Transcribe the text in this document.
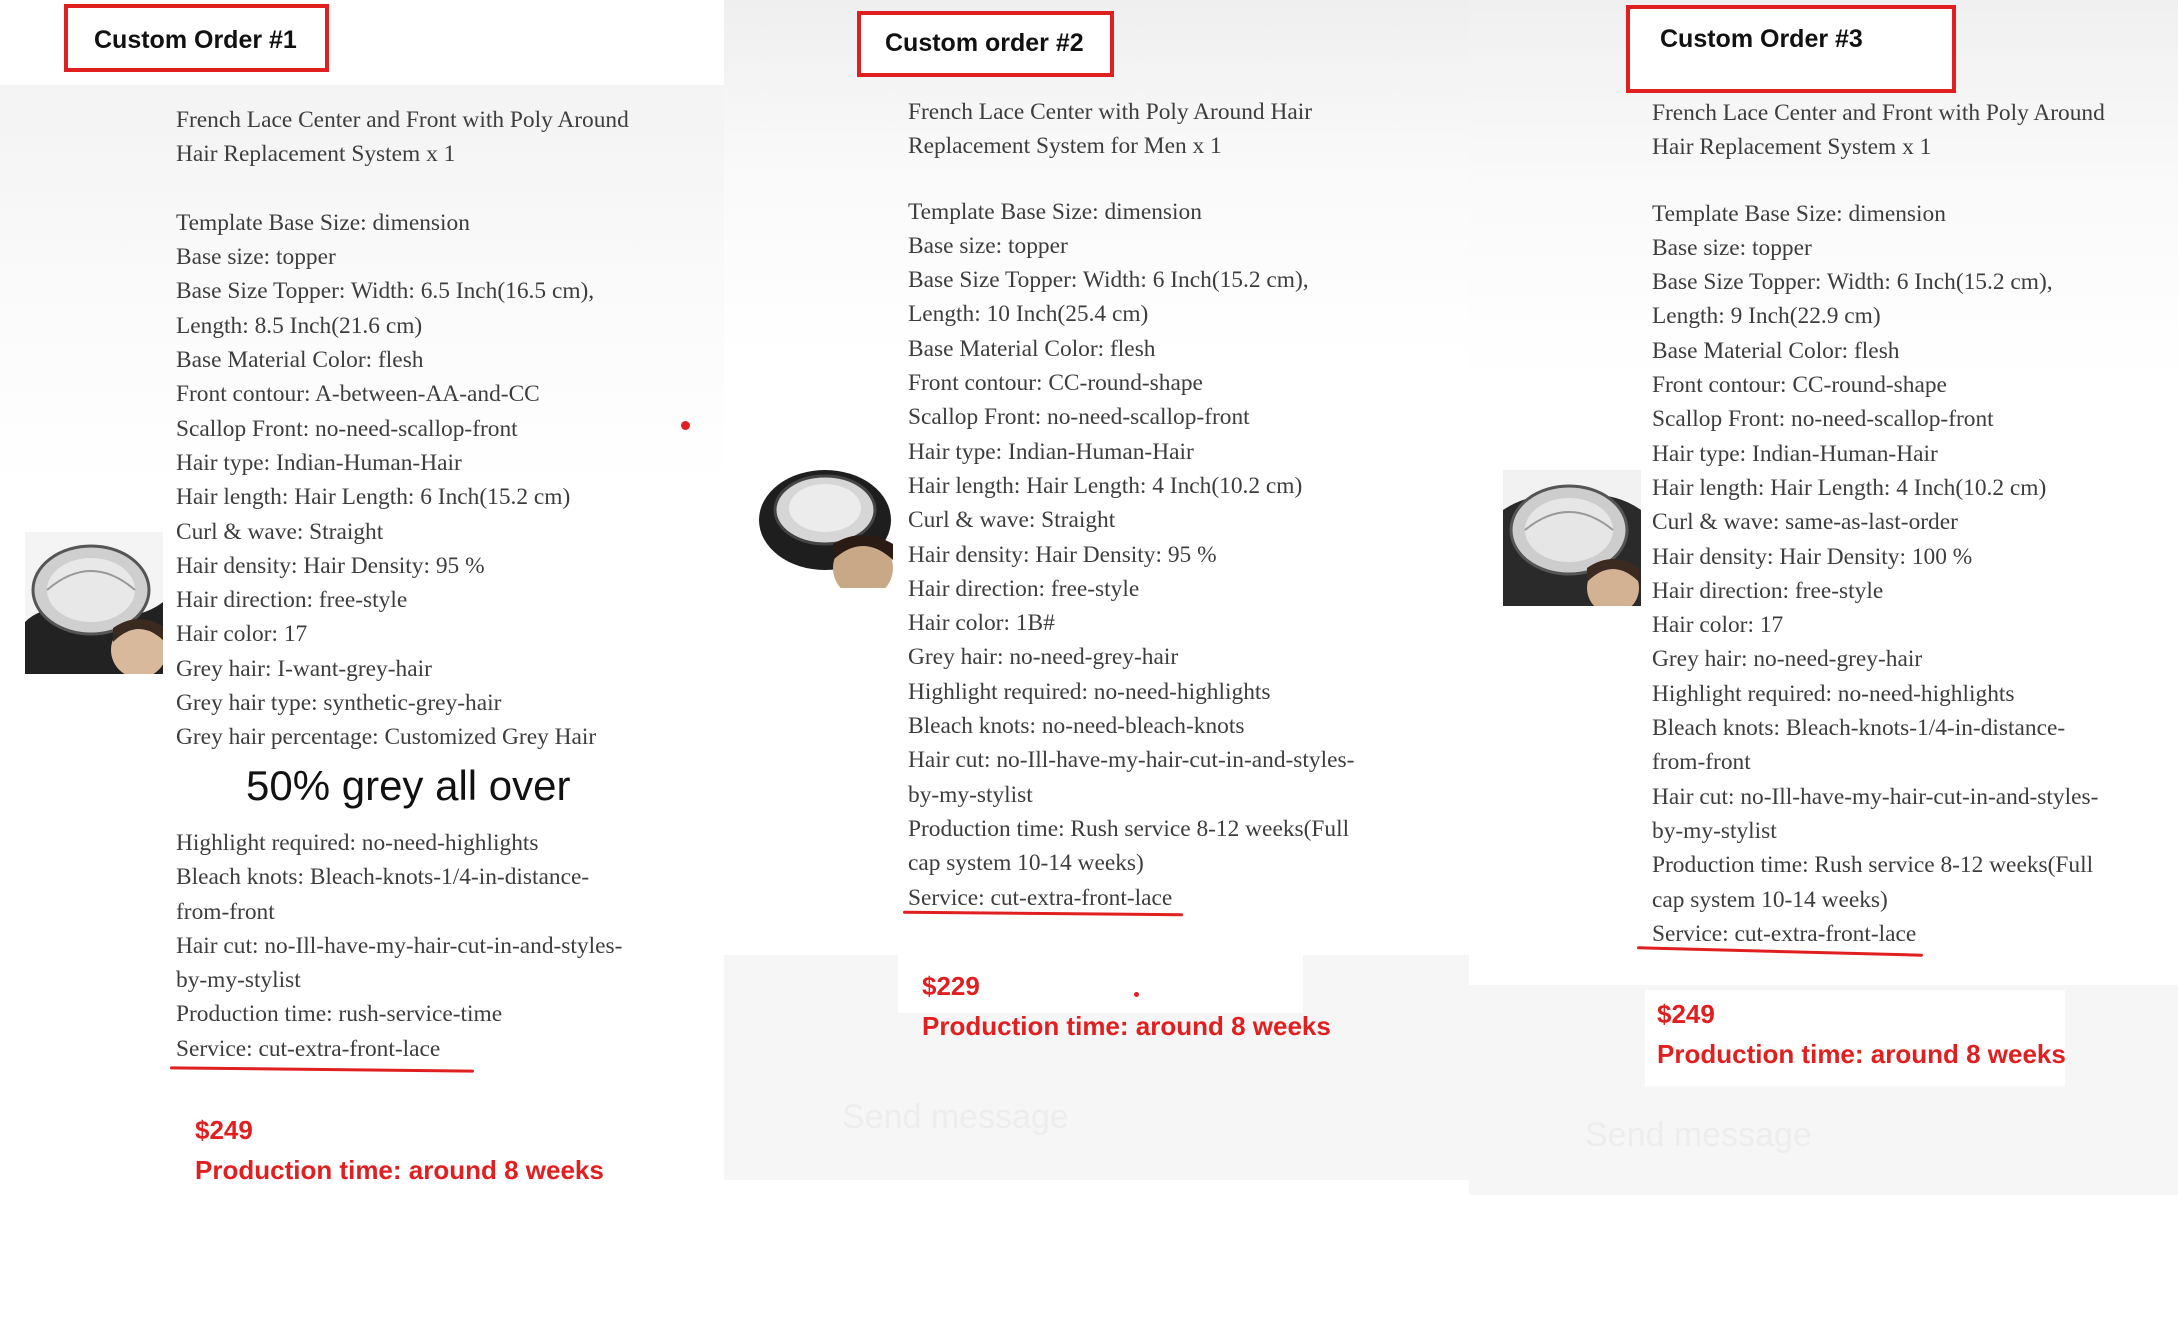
Custom Order #1
French Lace Center and Front with Poly Around
Hair Replacement System x 1
Template Base Size: dimension
Base size: topper
Base Size Topper: Width: 6.5 Inch(16.5 cm),
Length: 8.5 Inch(21.6 cm)
Base Material Color: flesh
Front contour: A-between-AA-and-CC
Scallop Front: no-need-scallop-front
Hair type: Indian-Human-Hair
Hair length: Hair Length: 6 Inch(15.2 cm)
Curl & wave: Straight
Hair density: Hair Density: 95 %
Hair direction: free-style
Hair color: 17
Grey hair: I-want-grey-hair
Grey hair type: synthetic-grey-hair
Grey hair percentage: Customized Grey Hair
50% grey all over
Highlight required: no-need-highlights
Bleach knots: Bleach-knots-1/4-in-distance-
from-front
Hair cut: no-Ill-have-my-hair-cut-in-and-styles-
by-my-stylist
Production time: rush-service-time
Service: cut-extra-front-lace
$249
Production time: around 8 weeks
Send message
Custom order #2
French Lace Center with Poly Around Hair
Replacement System for Men x 1
Template Base Size: dimension
Base size: topper
Base Size Topper: Width: 6 Inch(15.2 cm),
Length: 10 Inch(25.4 cm)
Base Material Color: flesh
Front contour: CC-round-shape
Scallop Front: no-need-scallop-front
Hair type: Indian-Human-Hair
Hair length: Hair Length: 4 Inch(10.2 cm)
Curl & wave: Straight
Hair density: Hair Density: 95 %
Hair direction: free-style
Hair color: 1B#
Grey hair: no-need-grey-hair
Highlight required: no-need-highlights
Bleach knots: no-need-bleach-knots
Hair cut: no-Ill-have-my-hair-cut-in-and-styles-
by-my-stylist
Production time: Rush service 8-12 weeks(Full
cap system 10-14 weeks)
Service: cut-extra-front-lace
$229
Production time: around 8 weeks
Send message
Custom Order #3
French Lace Center and Front with Poly Around
Hair Replacement System x 1
Template Base Size: dimension
Base size: topper
Base Size Topper: Width: 6 Inch(15.2 cm),
Length: 9 Inch(22.9 cm)
Base Material Color: flesh
Front contour: CC-round-shape
Scallop Front: no-need-scallop-front
Hair type: Indian-Human-Hair
Hair length: Hair Length: 4 Inch(10.2 cm)
Curl & wave: same-as-last-order
Hair density: Hair Density: 100 %
Hair direction: free-style
Hair color: 17
Grey hair: no-need-grey-hair
Highlight required: no-need-highlights
Bleach knots: Bleach-knots-1/4-in-distance-
from-front
Hair cut: no-Ill-have-my-hair-cut-in-and-styles-
by-my-stylist
Production time: Rush service 8-12 weeks(Full
cap system 10-14 weeks)
Service: cut-extra-front-lace
$249
Production time: around 8 weeks
